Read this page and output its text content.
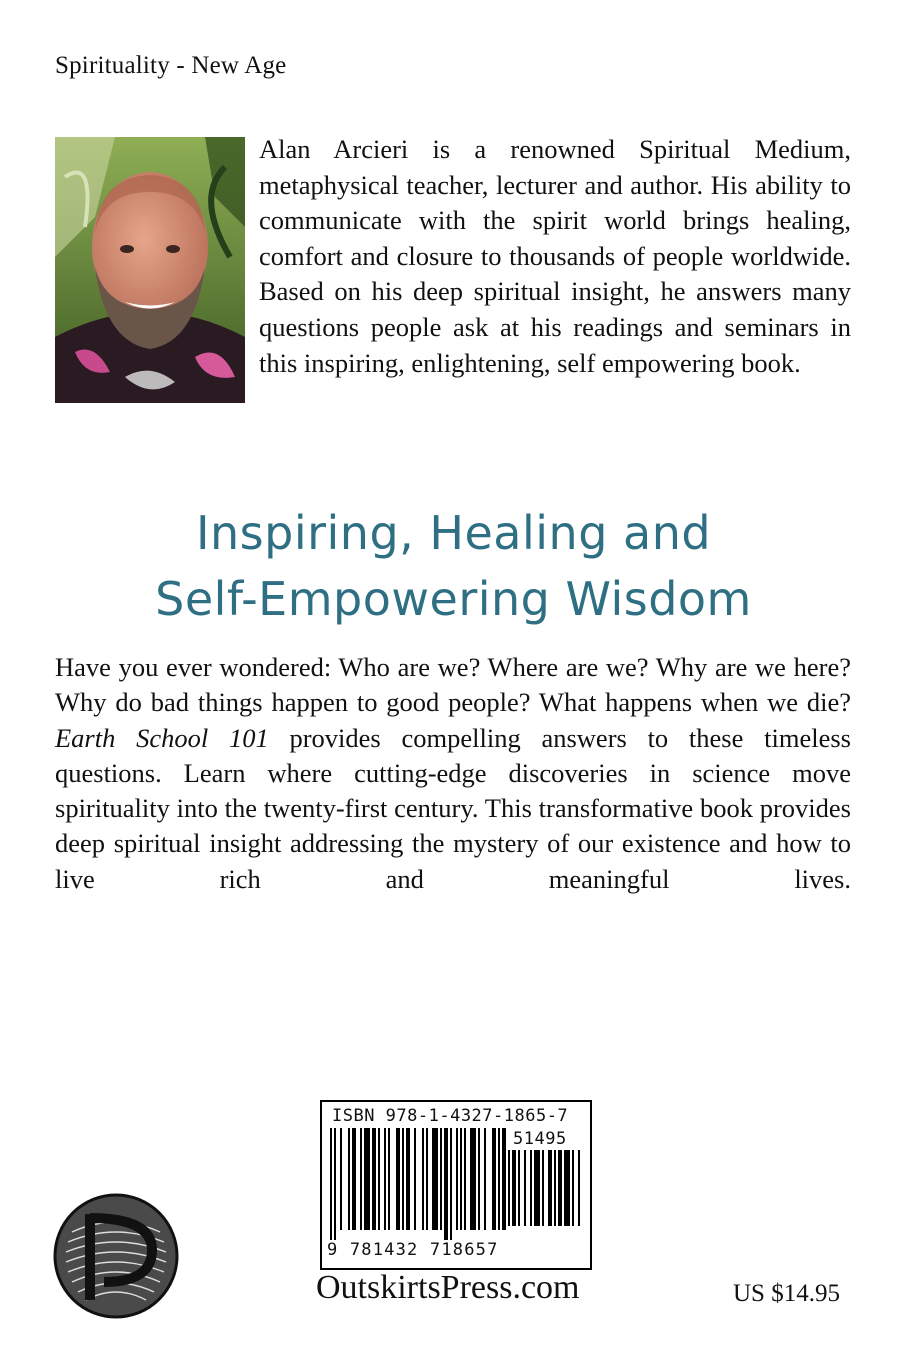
Spirituality - New Age
Alan Arcieri is a renowned Spiritual Medium, metaphysical teacher, lecturer and author. His ability to communicate with the spirit world brings healing, comfort and closure to thousands of people worldwide. Based on his deep spiritual insight, he answers many questions people ask at his readings and seminars in this inspiring, enlightening, self empowering book.
Inspiring, Healing and
Self-Empowering Wisdom
Have you ever wondered: Who are we? Where are we? Why are we here? Why do bad things happen to good people? What happens when we die? Earth School 101 provides compelling answers to these timeless questions. Learn where cutting-edge discoveries in science move spirituality into the twenty-first century. This transformative book provides deep spiritual insight addressing the mystery of our existence and how to live rich and meaningful lives.
ISBN 978-1-4327-1865-7
51495
9 781432 718657
OutskirtsPress.com	US $14.95
